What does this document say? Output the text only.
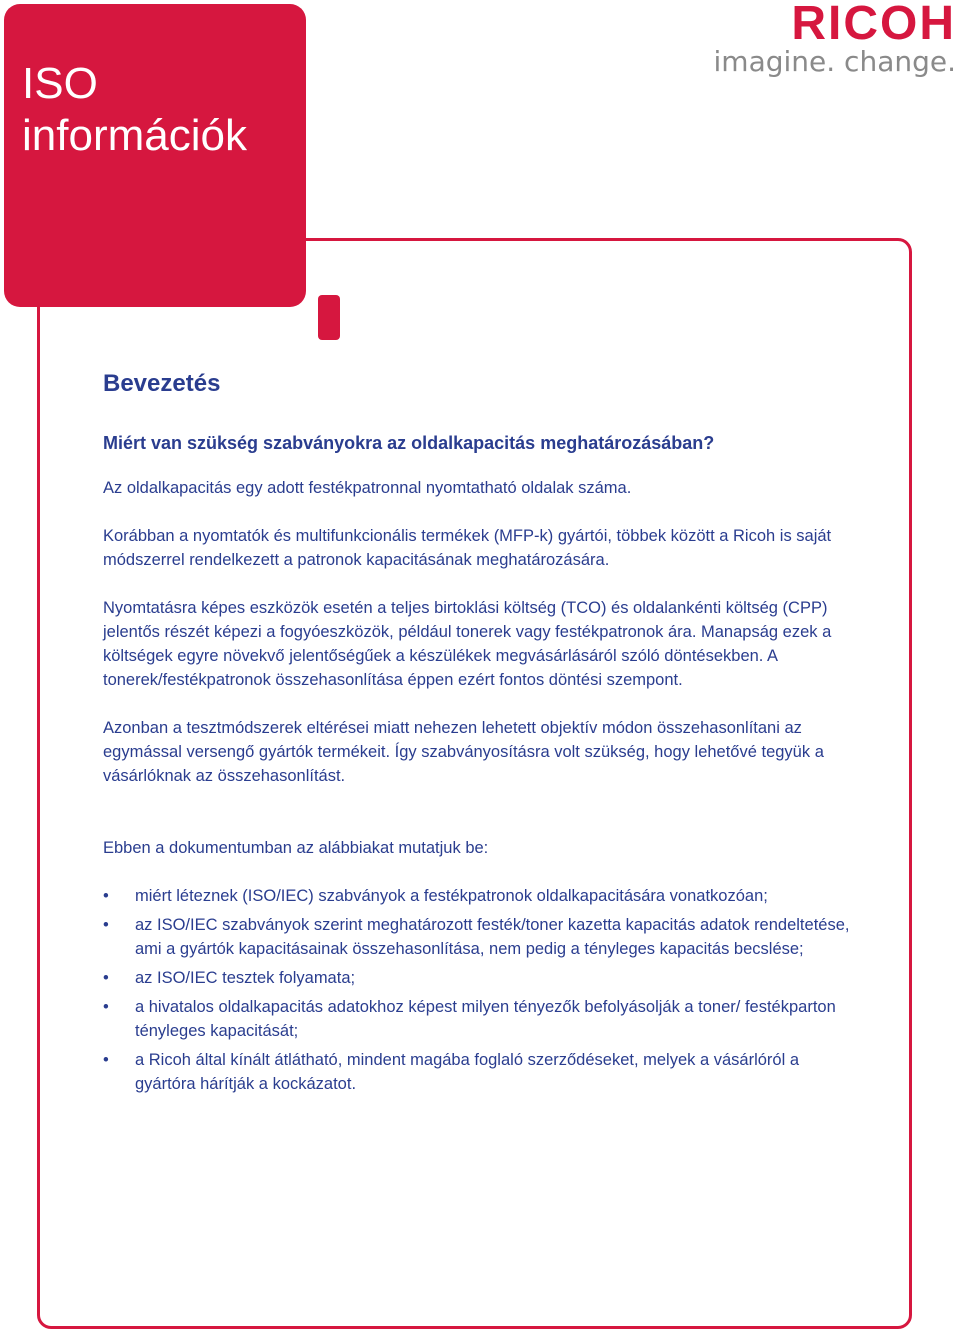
ISO
információk
RICOH
imagine. change.
Bevezetés
Miért van szükség szabványokra az oldalkapacitás meghatározásában?

Az oldalkapacitás egy adott festékpatronnal nyomtatható oldalak száma.

Korábban a nyomtatók és multifunkcionális termékek (MFP-k) gyártói, többek között a Ricoh is saját módszerrel rendelkezett a patronok kapacitásának meghatározására.

Nyomtatásra képes eszközök esetén a teljes birtoklási költség (TCO) és oldalankénti költség (CPP) jelentős részét képezi a fogyóeszközök, például tonerek vagy festékpatronok ára. Manapság ezek a költségek egyre növekvő jelentőségűek a készülékek megvásárlásáról szóló döntésekben. A tonerek/festékpatronok összehasonlítása éppen ezért fontos döntési szempont.

Azonban a tesztmódszerek eltérései miatt nehezen lehetett objektív módon összehasonlítani az egymással versengő gyártók termékeit. Így szabványosításra volt szükség, hogy lehetővé tegyük a vásárlóknak az összehasonlítást.

Ebben a dokumentumban az alábbiakat mutatjuk be:

• miért léteznek (ISO/IEC) szabványok a festékpatronok oldalkapacitására vonatkozóan;
• az ISO/IEC szabványok szerint meghatározott festék/toner kazetta kapacitás adatok rendeltetése, ami a gyártók kapacitásainak összehasonlítása, nem pedig a tényleges kapacitás becslése;
• az ISO/IEC tesztek folyamata;
• a hivatalos oldalkapacitás adatokhoz képest milyen tényezők befolyásolják a toner/ festékparton tényleges kapacitását;
• a Ricoh által kínált átlátható, mindent magába foglaló szerződéseket, melyek a vásárlóról a gyártóra hárítják a kockázatot.
